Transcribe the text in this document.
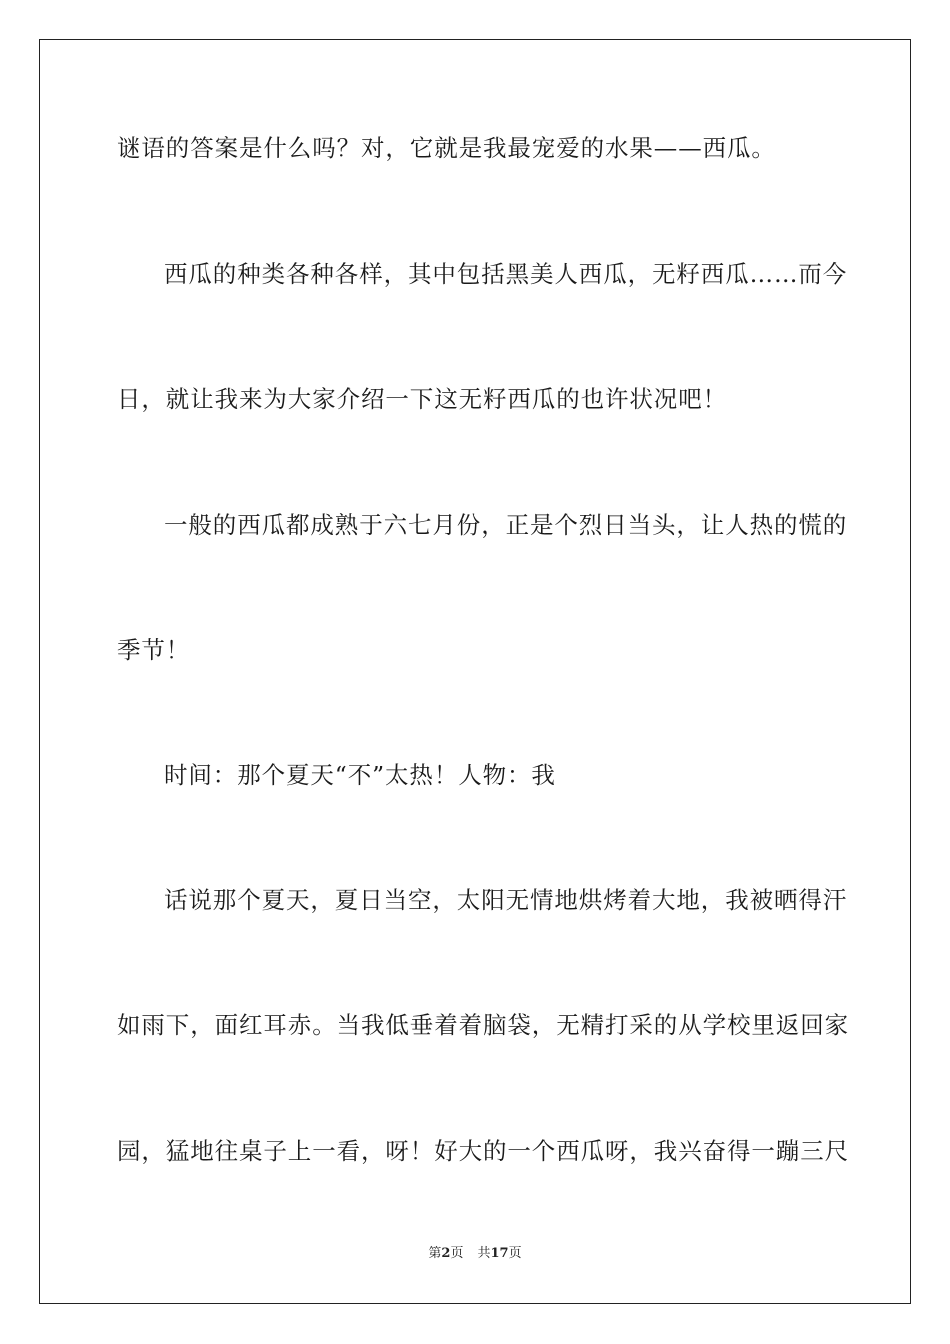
谜语的答案是什么吗？对，它就是我最宠爱的水果——西瓜。
西瓜的种类各种各样，其中包括黑美人西瓜，无籽西瓜……而今
日，就让我来为大家介绍一下这无籽西瓜的也许状况吧！
一般的西瓜都成熟于六七月份，正是个烈日当头，让人热的慌的
季节！
时间：那个夏天“不”太热！人物：我
话说那个夏天，夏日当空，太阳无情地烘烤着大地，我被晒得汗
如雨下，面红耳赤。当我低垂着着脑袋，无精打采的从学校里返回家
园，猛地往桌子上一看，呀！好大的一个西瓜呀，我兴奋得一蹦三尺
第2页 共17页
